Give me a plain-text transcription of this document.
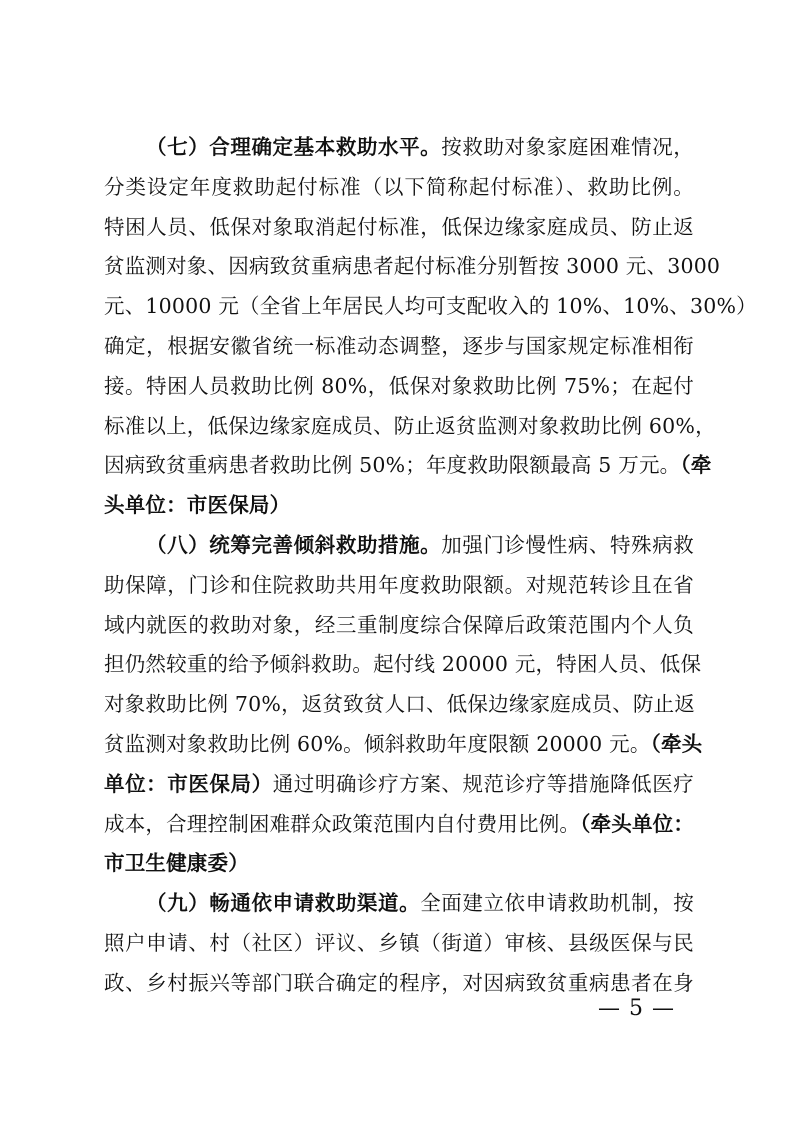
（七）合理确定基本救助水平。按救助对象家庭困难情况，
分类设定年度救助起付标准（以下简称起付标准）、救助比例。
特困人员、低保对象取消起付标准，低保边缘家庭成员、防止返
贫监测对象、因病致贫重病患者起付标准分别暂按 3000 元、3000
元、10000 元（全省上年居民人均可支配收入的 10%、10%、30%）
确定，根据安徽省统一标准动态调整，逐步与国家规定标准相衔
接。特困人员救助比例 80%，低保对象救助比例 75%；在起付
标准以上，低保边缘家庭成员、防止返贫监测对象救助比例 60%，
因病致贫重病患者救助比例 50%；年度救助限额最高 5 万元。（牵
头单位：市医保局）
（八）统筹完善倾斜救助措施。加强门诊慢性病、特殊病救
助保障，门诊和住院救助共用年度救助限额。对规范转诊且在省
域内就医的救助对象，经三重制度综合保障后政策范围内个人负
担仍然较重的给予倾斜救助。起付线 20000 元，特困人员、低保
对象救助比例 70%，返贫致贫人口、低保边缘家庭成员、防止返
贫监测对象救助比例 60%。倾斜救助年度限额 20000 元。（牵头
单位：市医保局）通过明确诊疗方案、规范诊疗等措施降低医疗
成本，合理控制困难群众政策范围内自付费用比例。（牵头单位：
市卫生健康委）
（九）畅通依申请救助渠道。全面建立依申请救助机制，按
照户申请、村（社区）评议、乡镇（街道）审核、县级医保与民
政、乡村振兴等部门联合确定的程序，对因病致贫重病患者在身
— 5 —
